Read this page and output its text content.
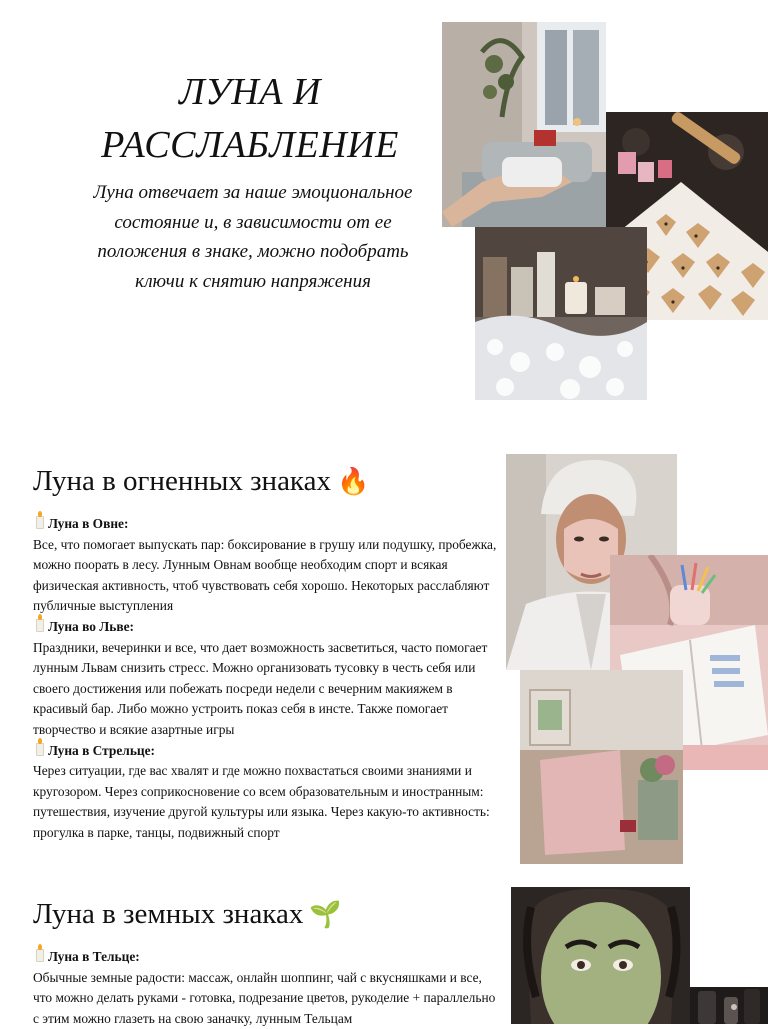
ЛУНА И
РАССЛАБЛЕНИЕ

Луна отвечает за наше эмоциональное состояние и, в зависимости от ее положения в знаке, можно подобрать ключи к снятию напряжения

Луна в огненных знаках 🔥

Луна в Овне:

Все, что помогает выпускать пар: боксирование в грушу или подушку, пробежка, можно поорать в лесу. Лунным Овнам вообще необходим спорт и всякая физическая активность, чтоб чувствовать себя хорошо. Некоторых расслабляют публичные выступления

Луна во Льве:

Праздники, вечеринки и все, что дает возможность засветиться, часто помогает лунным Львам снизить стресс. Можно организовать тусовку в честь себя или своего достижения или побежать посреди недели с вечерним макияжем в красивый бар. Либо можно устроить показ себя в инсте. Также помогает творчество и всякие азартные игры

Луна в Стрельце:

Через ситуации, где вас хвалят и где можно похвастаться своими знаниями и кругозором. Через соприкосновение со всем образовательным и иностранным: путешествия, изучение другой культуры или языка. Через какую-то активность: прогулка в парке, танцы, подвижный спорт

Луна в земных знаках 🌱

Луна в Тельце:

Обычные земные радости: массаж, онлайн шоппинг, чай с вкусняшками и все, что можно делать руками - готовка, подрезание цветов, рукоделие + параллельно с этим можно глазеть на свою заначку, лунным Тельцам
